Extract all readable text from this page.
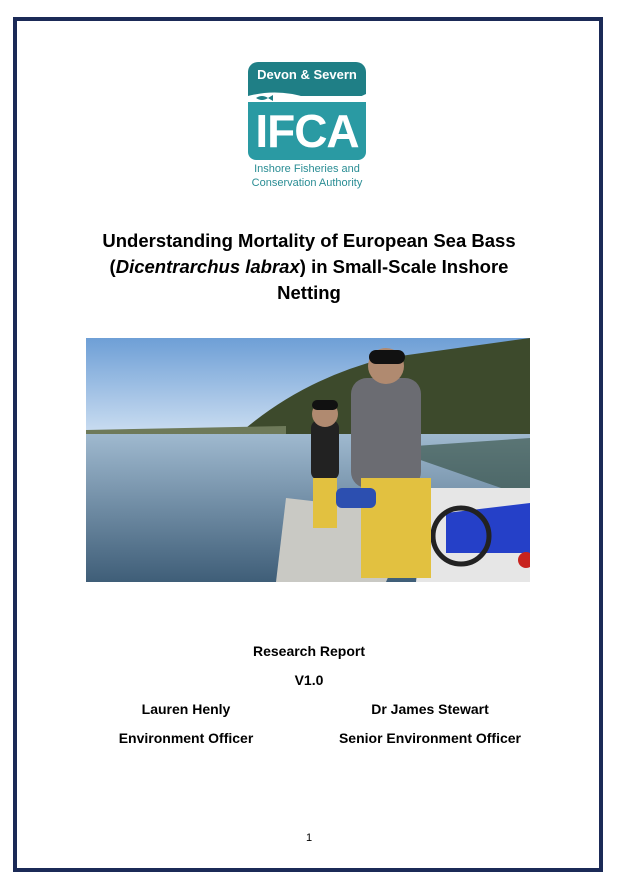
Devon & Severn
IFCA
Inshore Fisheries and
Conservation Authority
Understanding Mortality of European Sea Bass
(Dicentrarchus labrax) in Small-Scale Inshore
Netting
Research Report
V1.0
Lauren Henly
Environment Officer
Dr James Stewart
Senior Environment Officer
1
